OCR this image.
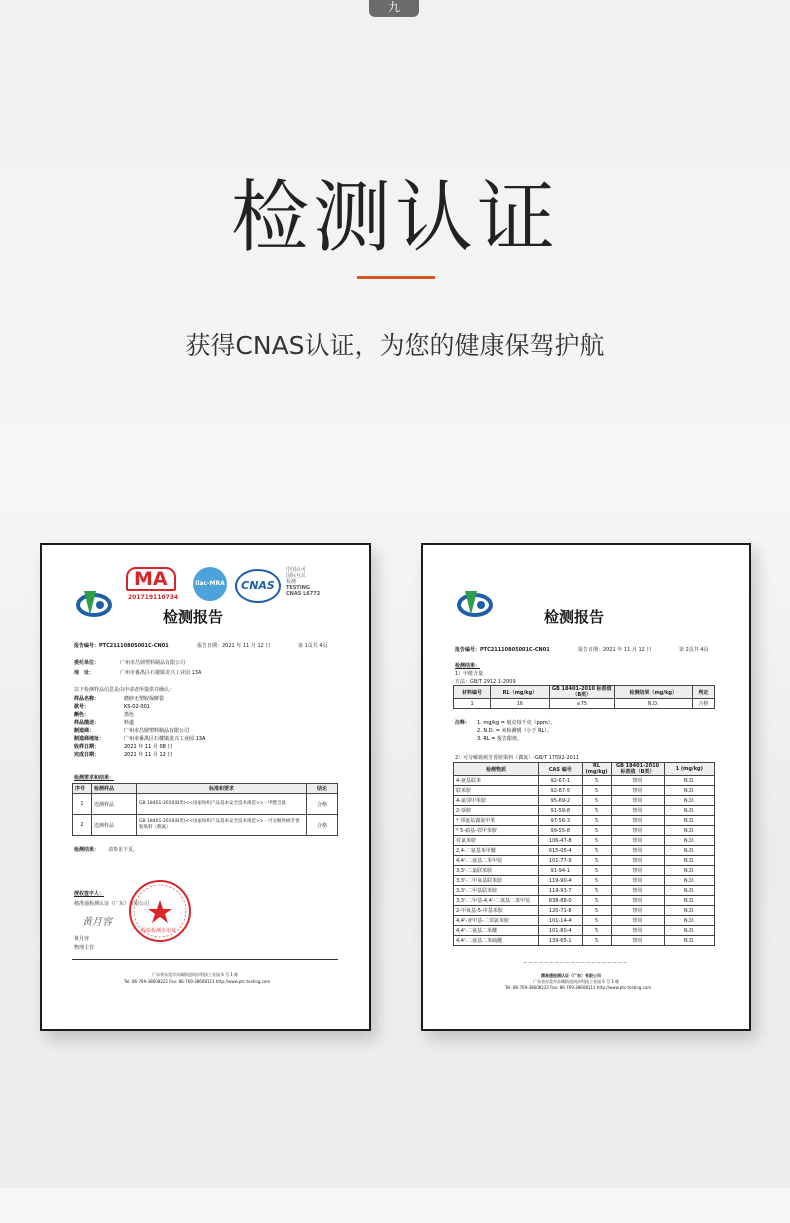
九
检测认证
获得CNAS认证，为您的健康保驾护航
MA
201719110734
ilac-MRA	CNAS
中国认可
国际互认
检测
TESTING
CNAS L6772
检测报告
报告编号：PTC21110805001C-CN01	报告日期：2021 年 11 月 12 日	第 1页共 4页
委托单位：	广州市昌鼎塑料制品有限公司
地　址：	广州市番禺区石楼镇龙兴工业园 13A
以下检测样品信息是由申请者所提供并确认：
样品名称：	磨砂无塑胶保鲜袋
款号：	KS-02-001
颜色：	黑色
样品描述：	料道
制造商：	广州市昌鼎塑料制品有限公司
制造商地址：	广州市番禺区石楼镇龙兴工业园 13A
收样日期：	2021 年 11 月 08 日
完成日期：	2021 年 11 月 12 日
检测要求和结果：
序号	检测样品	标准和要求	结论
1	送测样品	GB 18401-2010(B类)<<国家纺织产品基本安全技术规范>> - 甲醛含量	合格
2	送测样品	GB 18401-2010(B类)<<国家纺织产品基本安全技术规范>> - 可分解致癌芳香胺染料（偶氮）	合格
检测结果： 请参见下页。
授权签字人：
精准通检测认证（广东）有限公司
黄月容
黄月容
物理主管
检验检测专用章
广东省东莞市东城街道同沙科技工业园 6 号 1 栋
Tel: 86-769-38608222 Fax: 86-769-38608111 http://www.ptc-testing.com
检测报告
报告编号：PTC21110805001C-CN01	报告日期：2021 年 11 月 12 日	第 2页共 4页
检测结果：
1）甲醛含量
方法：GB/T 2912.1-2009
材料编号	RL（mg/kg）	GB 18401-2010 标准值（B类）	检测结果（mg/kg）	判定
1	16	≤75	N.D.	合格
注释： 1. mg/kg = 毫克每千克（ppm）。
2. N.D. = 未检测到（小于 RL）。
3. RL = 报告限值。
2）可分解致癌芳香胺染料（偶氮）-GB/T 17592-2011
检测物质	CAS 编号	RL (mg/kg)	GB 18401-2010 标准值（B类）	1 (mg/kg)
4-氨基联苯	92-67-1	5	禁用	N.D.
联苯胺	92-87-5	5	禁用	N.D.
4-氯邻甲苯胺	95-69-2	5	禁用	N.D.
2-萘胺	91-59-8	5	禁用	N.D.
* 邻氨基偶氮甲苯	97-56-3	5	禁用	N.D.
* 5-硝基-邻甲苯胺	99-55-8	5	禁用	N.D.
对氯苯胺	106-47-8	5	禁用	N.D.
2,4-二氨基苯甲醚	615-05-4	5	禁用	N.D.
4,4'-二氨基二苯甲烷	101-77-9	5	禁用	N.D.
3,3'-二氯联苯胺	91-94-1	5	禁用	N.D.
3,3'-二甲氧基联苯胺	119-90-4	5	禁用	N.D.
3,3'-二甲基联苯胺	119-93-7	5	禁用	N.D.
3,3'-二甲基-4,4'-二氨基二苯甲烷	838-88-0	5	禁用	N.D.
2-甲氧基-5-甲基苯胺	120-71-8	5	禁用	N.D.
4,4'-亚甲基-二邻氯苯胺	101-14-4	5	禁用	N.D.
4,4'-二氨基二苯醚	101-80-4	5	禁用	N.D.
4,4'-二氨基二苯硫醚	139-65-1	5	禁用	N.D.
— — — — — — — — — — — — — — — — — — — —
精准通检测认证（广东）有限公司
广东省东莞市东城街道同沙科技工业园 6 号 1 栋
Tel: 86-769-38608222 Fax: 86-769-38608111 http://www.ptc-testing.com
